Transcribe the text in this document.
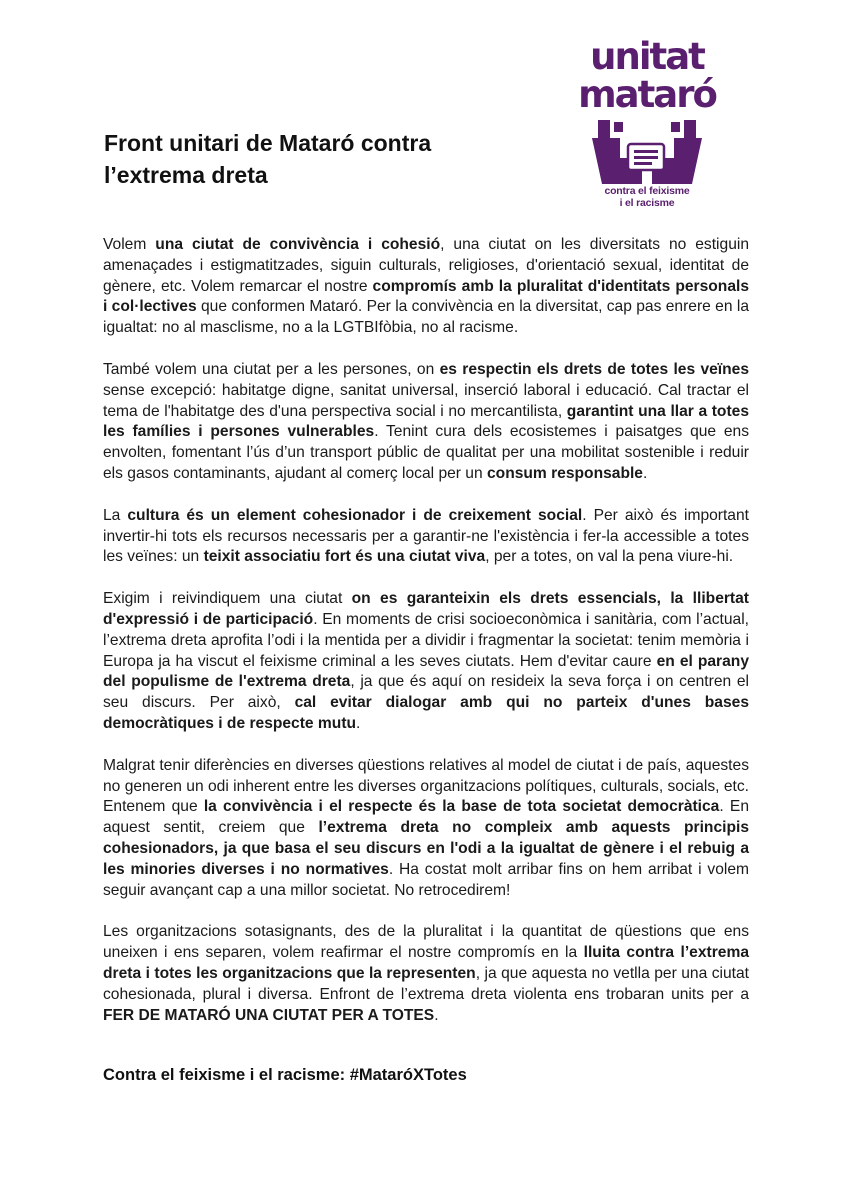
Front unitari de Mataró contra
l’extrema dreta
unitat
mataró
contra el feixisme
i el racisme

Volem una ciutat de convivència i cohesió, una ciutat on les diversitats no estiguin amenaçades i estigmatitzades, siguin culturals, religioses, d'orientació sexual, identitat de gènere, etc. Volem remarcar el nostre compromís amb la pluralitat d'identitats personals i col·lectives que conformen Mataró. Per la convivència en la diversitat, cap pas enrere en la igualtat: no al masclisme, no a la LGTBIfòbia, no al racisme.

També volem una ciutat per a les persones, on es respectin els drets de totes les veïnes sense excepció: habitatge digne, sanitat universal, inserció laboral i educació. Cal tractar el tema de l'habitatge des d'una perspectiva social i no mercantilista, garantint una llar a totes les famílies i persones vulnerables. Tenint cura dels ecosistemes i paisatges que ens envolten, fomentant l’ús d’un transport públic de qualitat per una mobilitat sostenible i reduir els gasos contaminants, ajudant al comerç local per un consum responsable.

La cultura és un element cohesionador i de creixement social. Per això és important invertir-hi tots els recursos necessaris per a garantir-ne l'existència i fer-la accessible a totes les veïnes: un teixit associatiu fort és una ciutat viva, per a totes, on val la pena viure-hi.

Exigim i reivindiquem una ciutat on es garanteixin els drets essencials, la llibertat d'expressió i de participació. En moments de crisi socioeconòmica i sanitària, com l’actual, l’extrema dreta aprofita l’odi i la mentida per a dividir i fragmentar la societat: tenim memòria i Europa ja ha viscut el feixisme criminal a les seves ciutats. Hem d'evitar caure en el parany del populisme de l'extrema dreta, ja que és aquí on resideix la seva força i on centren el seu discurs. Per això, cal evitar dialogar amb qui no parteix d'unes bases democràtiques i de respecte mutu.

Malgrat tenir diferències en diverses qüestions relatives al model de ciutat i de país, aquestes no generen un odi inherent entre les diverses organitzacions polítiques, culturals, socials, etc. Entenem que la convivència i el respecte és la base de tota societat democràtica. En aquest sentit, creiem que l’extrema dreta no compleix amb aquests principis cohesionadors, ja que basa el seu discurs en l'odi a la igualtat de gènere i el rebuig a les minories diverses i no normatives. Ha costat molt arribar fins on hem arribat i volem seguir avançant cap a una millor societat. No retrocedirem!

Les organitzacions sotasignants, des de la pluralitat i la quantitat de qüestions que ens uneixen i ens separen, volem reafirmar el nostre compromís en la lluita contra l’extrema dreta i totes les organitzacions que la representen, ja que aquesta no vetlla per una ciutat cohesionada, plural i diversa. Enfront de l’extrema dreta violenta ens trobaran units per a FER DE MATARÓ UNA CIUTAT PER A TOTES.

Contra el feixisme i el racisme: #MataróXTotes
